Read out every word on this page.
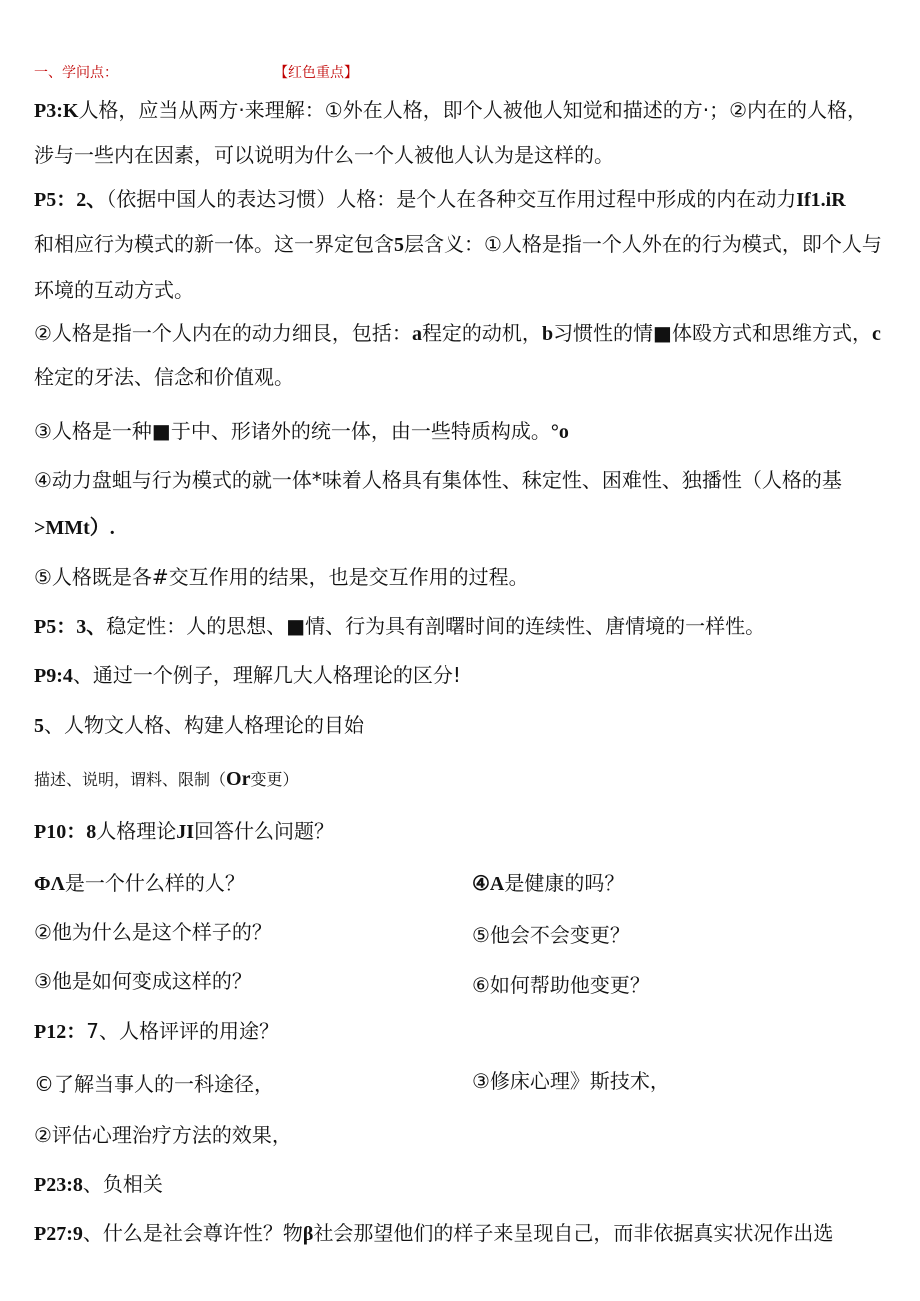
一、学问点：	【红色重点】
P3:K人格，应当从两方·来理解：①外在人格，即个人被他人知觉和描述的方·；②内在的人格，
涉与一些内在因素，可以说明为什么一个人被他人认为是这样的。
P5：2、（依据中国人的表达习惯）人格：是个人在各种交互作用过程中形成的内在动力If1.iR
和相应行为模式的新一体。这一界定包含5层含义：①人格是指一个人外在的行为模式，即个人与
环境的互动方式。
②人格是指一个人内在的动力细艮，包括：a程定的动机，b习惯性的情■体殴方式和思维方式，c
栓定的牙法、信念和价值观。
③人格是一种■于中、形诸外的统一体，由一些特质构成。°o
④动力盘蛆与行为模式的就一体*味着人格具有集体性、秣定性、困难性、独播性（人格的基
>MMt）.
⑤人格既是各#交互作用的结果，也是交互作用的过程。
P5：3、稳定性：人的思想、■情、行为具有剖曙时间的连续性、唐情境的一样性。
P9:4、通过一个例子，理解几大人格理论的区分!
5、人物文人格、构建人格理论的目始
描述、说明，谓料、限制（Or变更）
P10：8人格理论JI回答什么问题？
ΦΛ是一个什么样的人？	④A是健康的吗？
②他为什么是这个样子的？	⑤他会不会变更？
③他是如何变成这样的？	⑥如何帮助他变更？
P12：7、人格评评的用途？
©了解当事人的一科途径，	③修床心理》斯技术，
②评估心理治疗方法的效果，
P23:8、负相关
P27:9、什么是社会尊许性？物β社会那望他们的样子来呈现自己，而非依据真实状况作出选
